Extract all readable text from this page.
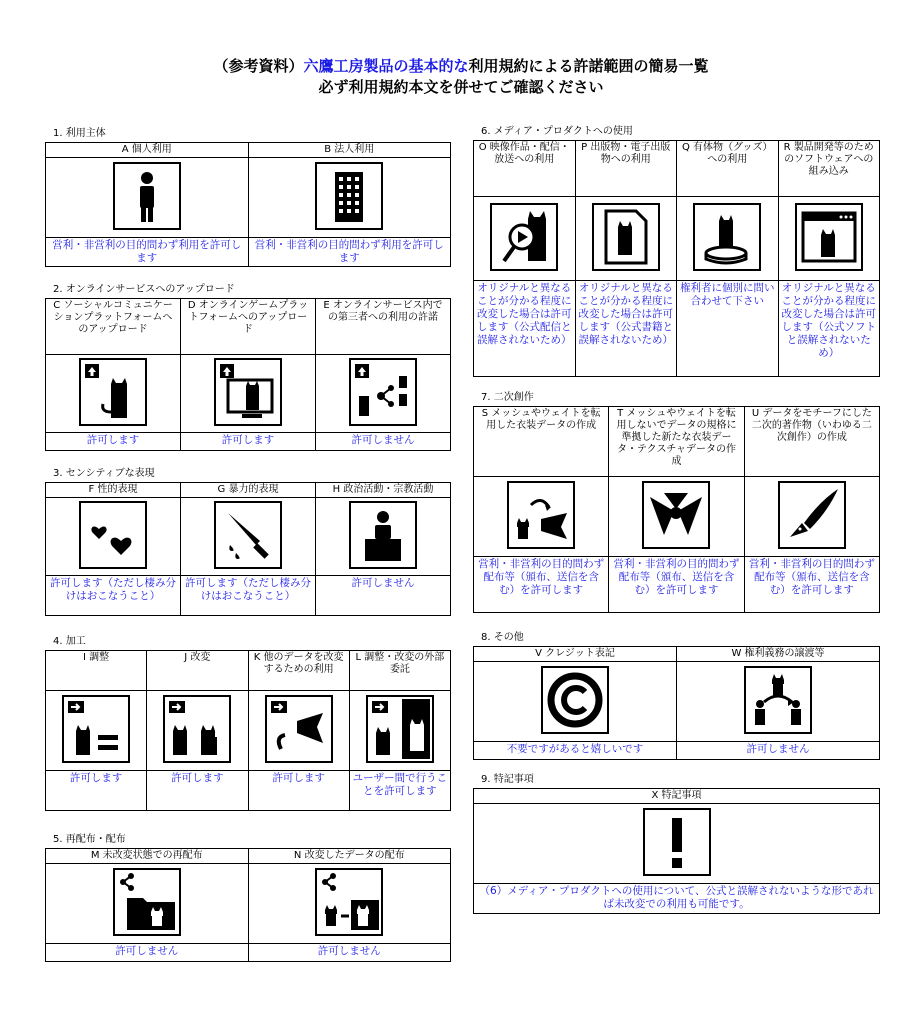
（参考資料）六鷹工房製品の基本的な利用規約による許諾範囲の簡易一覧
必ず利用規約本文を併せてご確認ください
1. 利用主体
A 個人利用	B 法人利用

営利・非営利の目的問わず利用を許可します	営利・非営利の目的問わず利用を許可します
2. オンラインサービスへのアップロード
C ソーシャルコミュニケーションプラットフォームへのアップロード	D オンラインゲームプラットフォームへのアップロード	E オンラインサービス内での第三者への利用の許諾

許可します	許可します	許可しません
3. センシティブな表現
F 性的表現	G 暴力的表現	H 政治活動・宗教活動

許可します（ただし棲み分けはおこなうこと）	許可します（ただし棲み分けはおこなうこと）	許可しません
4. 加工
I 調整	J 改変	K 他のデータを改変するための利用	L 調整・改変の外部委託

許可します	許可します	許可します	ユーザー間で行うことを許可します
5. 再配布・配布
M 未改変状態での再配布	N 改変したデータの配布

許可しません	許可しません
6. メディア・プロダクトへの使用
O 映像作品・配信・放送への利用	P 出版物・電子出版物への利用	Q 有体物（グッズ）への利用	R 製品開発等のためのソフトウェアへの組み込み

オリジナルと異なることが分かる程度に改変した場合は許可します（公式配信と誤解されないため）	オリジナルと異なることが分かる程度に改変した場合は許可します（公式書籍と誤解されないため）	権利者に個別に問い合わせて下さい	オリジナルと異なることが分かる程度に改変した場合は許可します（公式ソフトと誤解されないため）
7. 二次創作
S メッシュやウェイトを転用した衣装データの作成	T メッシュやウェイトを転用しないでデータの規格に準拠した新たな衣装データ・テクスチャデータの作成	U データをモチーフにした二次的著作物（いわゆる二次創作）の作成

営利・非営利の目的問わず配布等（頒布、送信を含む）を許可します	営利・非営利の目的問わず配布等（頒布、送信を含む）を許可します	営利・非営利の目的問わず配布等（頒布、送信を含む）を許可します
8. その他
V クレジット表記	W 権利義務の譲渡等

不要ですがあると嬉しいです	許可しません
9. 特記事項
X 特記事項

（6）メディア・プロダクトへの使用について、公式と誤解されないような形であれば未改変での利用も可能です。
